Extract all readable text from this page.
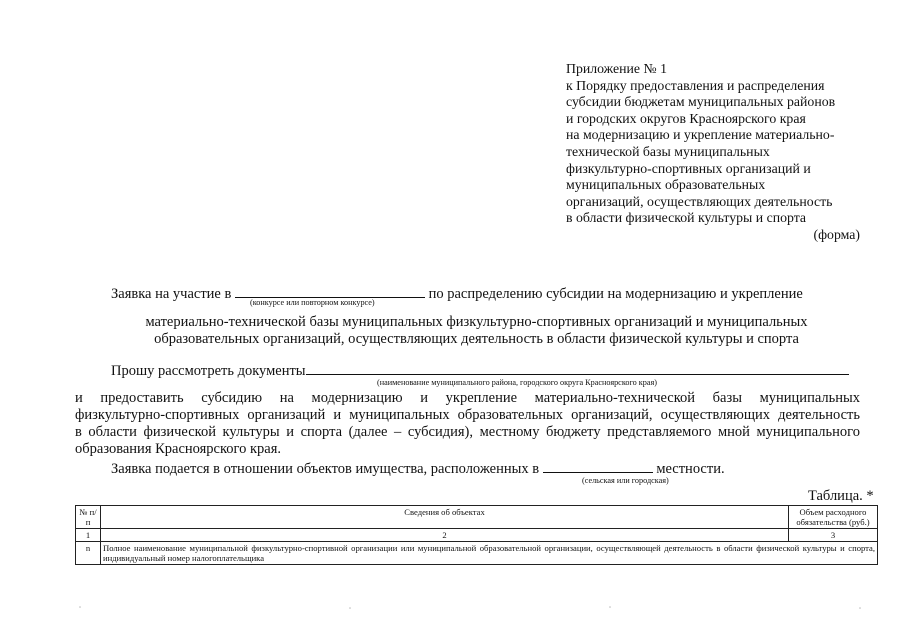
Приложение № 1
к Порядку предоставления и распределения
субсидии бюджетам муниципальных районов
и городских округов Красноярского края
на модернизацию и укрепление материально-
технической базы муниципальных
физкультурно-спортивных организаций и
муниципальных образовательных
организаций, осуществляющих деятельность
в области физической культуры и спорта
(форма)
Заявка на участие в	по распределению субсидии на модернизацию и укрепление
(конкурсе или повторном конкурсе)
материально-технической базы муниципальных физкультурно-спортивных организаций и муниципальных
образовательных организаций, осуществляющих деятельность в области физической культуры и спорта
Прошу рассмотреть документы
(наименование муниципального района, городского округа Красноярского края)
и предоставить субсидию на модернизацию и укрепление материально-технической базы муниципальных
физкультурно-спортивных организаций и муниципальных образовательных организаций, осуществляющих деятельность
в области физической культуры и спорта (далее – субсидия), местному бюджету представляемого мной муниципального
образования Красноярского края.
Заявка подается в отношении объектов имущества, расположенных в	местности.
(сельская или городская)
Таблица. *
№ п/п	Сведения об объектах	Объем расходного обязательства (руб.)
1	2	3
n	Полное наименование муниципальной физкультурно-спортивной организации или муниципальной образовательной организации, осуществляющей деятельность в области физической культуры и спорта, индивидуальный номер налогоплательщика	
